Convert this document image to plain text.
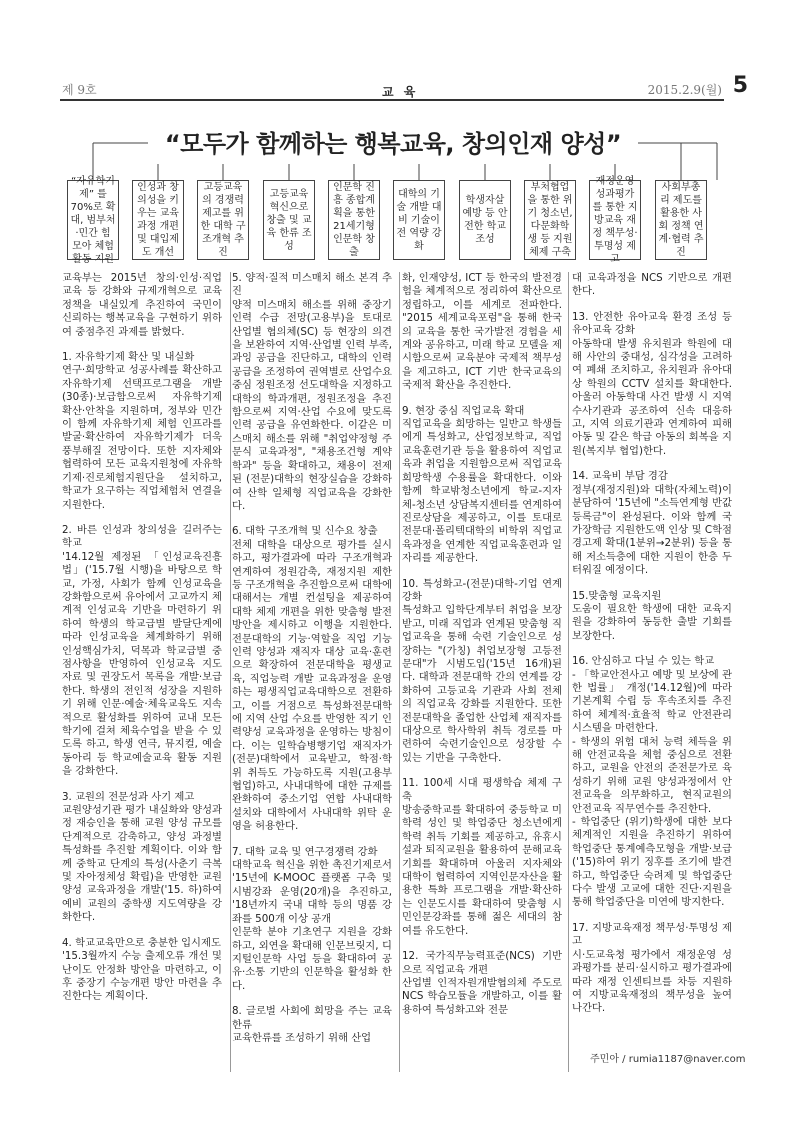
제 9호	교 육	2015.2.9(월) 5
“모두가 함께하는 행복교육, 창의인재 양성”
“자유학기제” 를 70%로 확대, 범부처·민간 힘 모아 체험활동 지원
인성과 창의성을 키우는 교육과정 개편 및 대입제도 개선
고등교육의 경쟁력 제고를 위한 대학 구조개혁 추진
고등교육 혁신으로 창출 및 교육 한류 조성
인문학 진흥 종합계획을 통한 21세기형 인문학 창출
대학의 기술 개발 대비 기술이전 역량 강화
학생자살 예방 등 안전한 학교 조성
부처협업을 통한 위기 청소년, 다문화학생 등 지원체제 구축
재정운영 성과평가를 통한 지방교육 재정 책무성·투명성 제고
사회부총리 제도를 활용한 사회 정책 연계·협력 추진

교육부는 2015년 창의·인성·직업 교육 등 강화와 규제개혁으로 교육 정책을 내실있게 추진하여 국민이 신뢰하는 행복교육을 구현하기 위하여 중점추진 과제를 밝혔다.

1. 자유학기제 확산 및 내실화

연구·희망학교 성공사례를 확산하고 자유학기제 선택프로그램을 개발(30종)·보급함으로써 자유학기제 확산·안착을 지원하며, 정부와 민간이 함께 자유학기제 체험 인프라를 발굴·확산하여 자유학기제가 더욱 풍부해질 전망이다. 또한 지자체와 협력하여 모든 교육지원청에 자유학기제·진로체험지원단을 설치하고, 학교가 요구하는 직업체험처 연결을 지원한다.

2. 바른 인성과 창의성을 길러주는 학교

'14.12월 제정된 「인성교육진흥법」('15.7월 시행)을 바탕으로 학교, 가정, 사회가 함께 인성교육을 강화함으로써 유아에서 고교까지 체계적 인성교육 기반을 마련하기 위하여 학생의 학교급별 발달단계에 따라 인성교육을 체계화하기 위해 인성핵심가치, 덕목과 학교급별 중점사항을 반영하여 인성교육 지도 자료 및 권장도서 목록을 개발·보급한다. 학생의 전인적 성장을 지원하기 위해 인문·예술·체육교육도 지속적으로 활성화를 위하여 교내 모든 학기에 걸쳐 체육수업을 받을 수 있도록 하고, 학생 연극, 뮤지컬, 예술 동아리 등 학교예술교육 활동 지원을 강화한다.

3. 교원의 전문성과 사기 제고

교원양성기관 평가 내실화와 양성과정 재승인을 통해 교원 양성 규모를 단계적으로 감축하고, 양성 과정별 특성화를 추진할 계획이다. 이와 함께 중학교 단계의 특성(사춘기 극복 및 자아정체성 확립)을 반영한 교원양성 교육과정을 개발('15. 하)하여 예비 교원의 중학생 지도역량을 강화한다.

4. 학교교육만으로 충분한 입시제도

'15.3월까지 수능 출제오류 개선 및 난이도 안정화 방안을 마련하고, 이후 중장기 수능개편 방안 마련을 추진한다는 계획이다.

5. 양적·질적 미스매치 해소 본격 추진

양적 미스매치 해소를 위해 중장기 인력 수급 전망(고용부)을 토대로 산업별 협의체(SC) 등 현장의 의견을 보완하여 지역·산업별 인력 부족, 과잉 공급을 진단하고, 대학의 인력 공급을 조정하여 권역별로 산업수요 중심 정원조정 선도대학을 지정하고 대학의 학과개편, 정원조정을 추진함으로써 지역·산업 수요에 맞도록 인력 공급을 유연화한다. 이같은 미스매치 해소를 위해 "취업약정형 주문식 교육과정", "채용조건형 계약학과" 등을 확대하고, 채용이 전제된 (전문)대학의 현장실습을 강화하여 산학 일체형 직업교육을 강화한다.

6. 대학 구조개혁 및 신수요 창출

전체 대학을 대상으로 평가를 실시하고, 평가결과에 따라 구조개혁과 연계하여 정원감축, 재정지원 제한 등 구조개혁을 추진함으로써 대학에 대해서는 개별 컨설팅을 제공하여 대학 체제 개편을 위한 맞춤형 발전방안을 제시하고 이행을 지원한다. 전문대학의 기능·역할을 직업 기능인력 양성과 재직자 대상 교육·훈련으로 확장하여 전문대학을 평생교육, 직업능력 개발 교육과정을 운영하는 평생직업교육대학으로 전환하고, 이를 거점으로 특성화전문대학에 지역 산업 수요를 반영한 직기 인력양성 교육과정을 운영하는 방침이다. 이는 일학습병행기업 재직자가 (전문)대학에서 교육받고, 학점·학위 취득도 가능하도록 지원(고용부 협업)하고, 사내대학에 대한 규제를 완화하여 중소기업 연합 사내대학 설치와 대학에서 사내대학 위탁 운영을 허용한다.

7. 대학 교육 및 연구경쟁력 강화

대학교육 혁신을 위한 촉진기제로서 '15년에 K-MOOC 플랫폼 구축 및 시범강좌 운영(20개)을 추진하고, '18년까지 국내 대학 등의 명품 강좌를 500개 이상 공개

인문학 분야 기초연구 지원을 강화하고, 외연을 확대해 인문브릿지, 디지털인문학 사업 등을 확대하여 공유·소통 기반의 인문학을 활성화 한다.

8. 글로벌 사회에 희망을 주는 교육 한류

교육한류를 조성하기 위해 산업

화, 인재양성, ICT 등 한국의 발전경험을 체계적으로 정리하여 확산으로 정립하고, 이를 세계로 전파한다. "2015 세계교육포럼"을 통해 한국의 교육을 통한 국가발전 경험을 세계와 공유하고, 미래 학교 모델을 제시함으로써 교육분야 국제적 책무성을 제고하고, ICT 기반 한국교육의 국제적 확산을 추진한다.

9. 현장 중심 직업교육 확대

직업교육을 희망하는 일반고 학생들에게 특성화고, 산업정보학교, 직업교육훈련기관 등을 활용하여 직업교육과 취업을 지원함으로써 직업교육 희망학생 수용률을 확대한다. 이와 함께 학교밖청소년에게 학교-지자체-청소년 상담복지센터를 연계하여 진로상담을 제공하고, 이를 토대로 전문대·폴리텍대학의 비학위 직업교육과정을 연계한 직업교육훈련과 일자리를 제공한다.

10. 특성화고-(전문)대학-기업 연계 강화

특성화고 입학단계부터 취업을 보장받고, 미래 직업과 연계된 맞춤형 직업교육을 통해 숙련 기술인으로 성장하는 "(가칭) 취업보장형 고등전문대"가 시범도입('15년 16개)된다. 대학과 전문대학 간의 연계를 강화하여 고등교육 기관과 사회 전체의 직업교육 강화를 지원한다. 또한 전문대학을 졸업한 산업체 재직자를 대상으로 학사학위 취득 경로를 마련하여 숙련기술인으로 성장할 수 있는 기반을 구축한다.

11. 100세 시대 평생학습 체제 구축

방송중학교를 확대하여 중등학교 미학력 성인 및 학업중단 청소년에게 학력 취득 기회를 제공하고, 유휴시설과 퇴직교원을 활용하여 문해교육 기회를 확대하며 아울러 지자체와 대학이 협력하여 지역인문자산을 활용한 특화 프로그램을 개발·확산하는 인문도시를 확대하여 맞춤형 시민인문강좌를 통해 젊은 세대의 참여를 유도한다.

12. 국가직무능력표준(NCS) 기반으로 직업교육 개편

산업별 인적자원개발협의체 주도로 NCS 학습모듈을 개발하고, 이를 활용하여 특성화고와 전문

대 교육과정을 NCS 기반으로 개편한다.

13. 안전한 유아교육 환경 조성 등 유아교육 강화

아동학대 발생 유치원과 학원에 대해 사안의 중대성, 심각성을 고려하여 폐쇄 조치하고, 유치원과 유아대상 학원의 CCTV 설치를 확대한다. 아울러 아동학대 사건 발생 시 지역 수사기관과 공조하여 신속 대응하고, 지역 의료기관과 연계하여 피해아동 및 같은 학급 아동의 회복을 지원(복지부 협업)한다.

14. 교육비 부담 경감

정부(재정지원)와 대학(자체노력)이 분담하여 '15년에 "소득연계형 반값등록금"이 완성된다. 이와 함께 국가장학금 지원한도액 인상 및 C학점 경고제 확대(1분위→2분위) 등을 통해 저소득층에 대한 지원이 한층 두터워질 예정이다.

15.맞춤형 교육지원

도움이 필요한 학생에 대한 교육지원을 강화하여 동등한 출발 기회를 보장한다.

16. 안심하고 다닐 수 있는 학교

- 「학교안전사고 예방 및 보상에 관한 법률」 개정('14.12월)에 따라 기본계획 수립 등 후속조치를 추진하여 체계적·효율적 학교 안전관리 시스템을 마련한다.

- 학생의 위험 대처 능력 체득을 위해 안전교육을 체험 중심으로 전환하고, 교원을 안전의 준전문가로 육성하기 위해 교원 양성과정에서 안전교육을 의무화하고, 현직교원의 안전교육 직무연수를 추진한다.

- 학업중단 (위기)학생에 대한 보다 체계적인 지원을 추진하기 위하여 학업중단 통계예측모형을 개발·보급('15)하여 위기 징후를 조기에 발견하고, 학업중단 숙려제 및 학업중단 다수 발생 고교에 대한 진단·지원을 통해 학업중단을 미연에 방지한다.

17. 지방교육재정 책무성·투명성 제고

시·도교육청 평가에서 재정운영 성과평가를 분리·실시하고 평가결과에 따라 재정 인센티브를 차등 지원하여 지방교육재정의 책무성을 높여 나간다.

주민아 / rumia1187@naver.com
